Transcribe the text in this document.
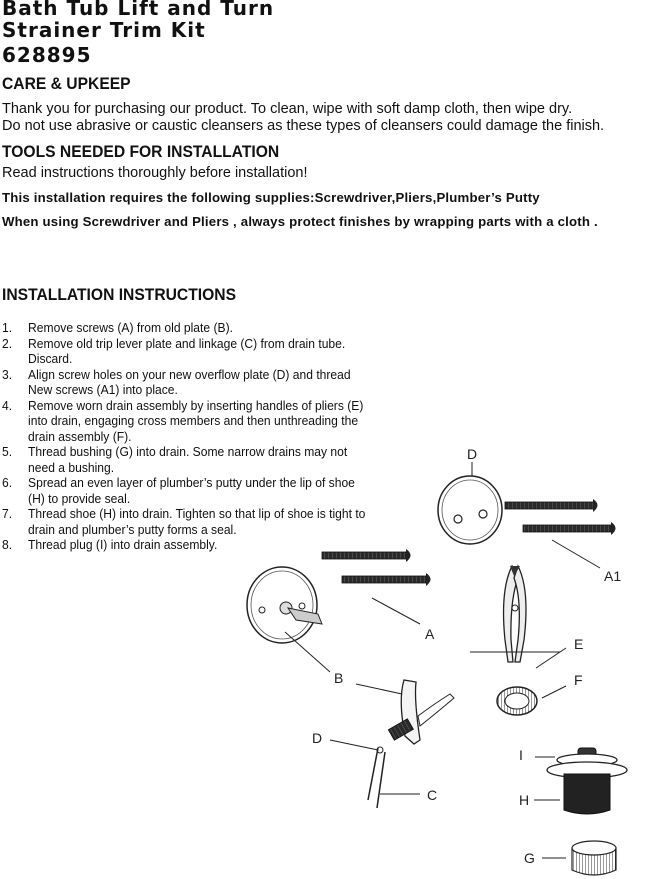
Bath Tub Lift and Turn
Strainer Trim Kit
628895
CARE & UPKEEP
Thank you for purchasing our product. To clean, wipe with soft damp cloth, then wipe dry.
Do not use abrasive or caustic cleansers as these types of cleansers could damage the finish.
TOOLS NEEDED FOR INSTALLATION
Read instructions thoroughly before installation!
This installation requires the following supplies:Screwdriver,Pliers,Plumber’s Putty
When using Screwdriver and Pliers , always protect finishes by wrapping parts with a cloth .
INSTALLATION INSTRUCTIONS
1. Remove screws (A) from old plate (B).
2. Remove old trip lever plate and linkage (C) from drain tube. Discard.
3. Align screw holes on your new overflow plate (D) and thread New screws (A1) into place.
4. Remove worn drain assembly by inserting handles of pliers (E) into drain, engaging cross members and then unthreading the drain assembly (F).
5. Thread bushing (G) into drain. Some narrow drains may not need a bushing.
6. Spread an even layer of plumber’s putty under the lip of shoe (H) to provide seal.
7. Thread shoe (H) into drain. Tighten so that lip of shoe is tight to drain and plumber’s putty forms a seal.
8. Thread plug (I) into drain assembly.
D
A1
A
E
F
B
D
C
I
H
G
